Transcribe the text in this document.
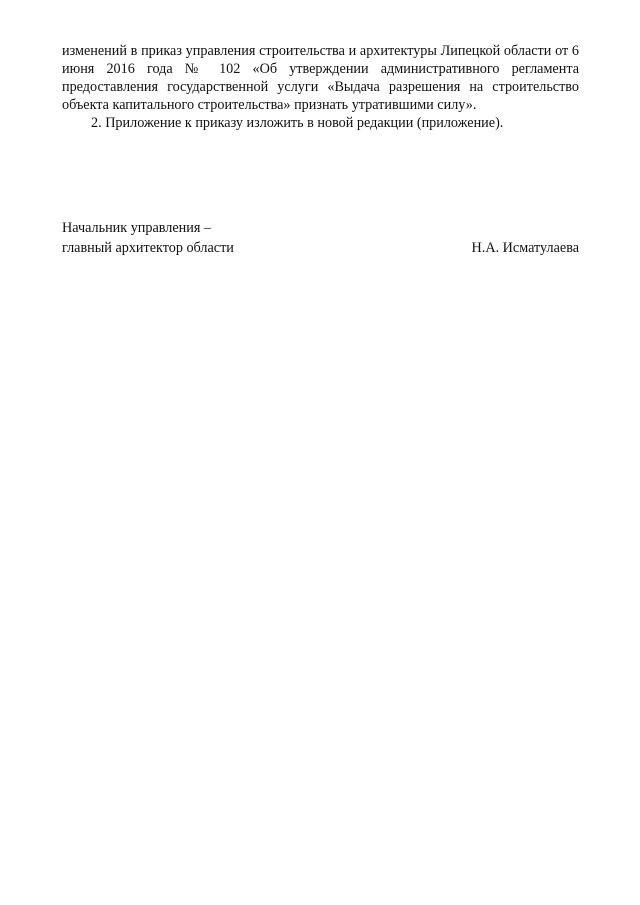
изменений в приказ управления строительства и архитектуры Липецкой области от 6 июня 2016 года № 102 «Об утверждении административного регламента предоставления государственной услуги «Выдача разрешения на строительство объекта капитального строительства» признать утратившими силу».

2. Приложение к приказу изложить в новой редакции (приложение).

Начальник управления –
главный архитектор области	Н.А. Исматулаева
